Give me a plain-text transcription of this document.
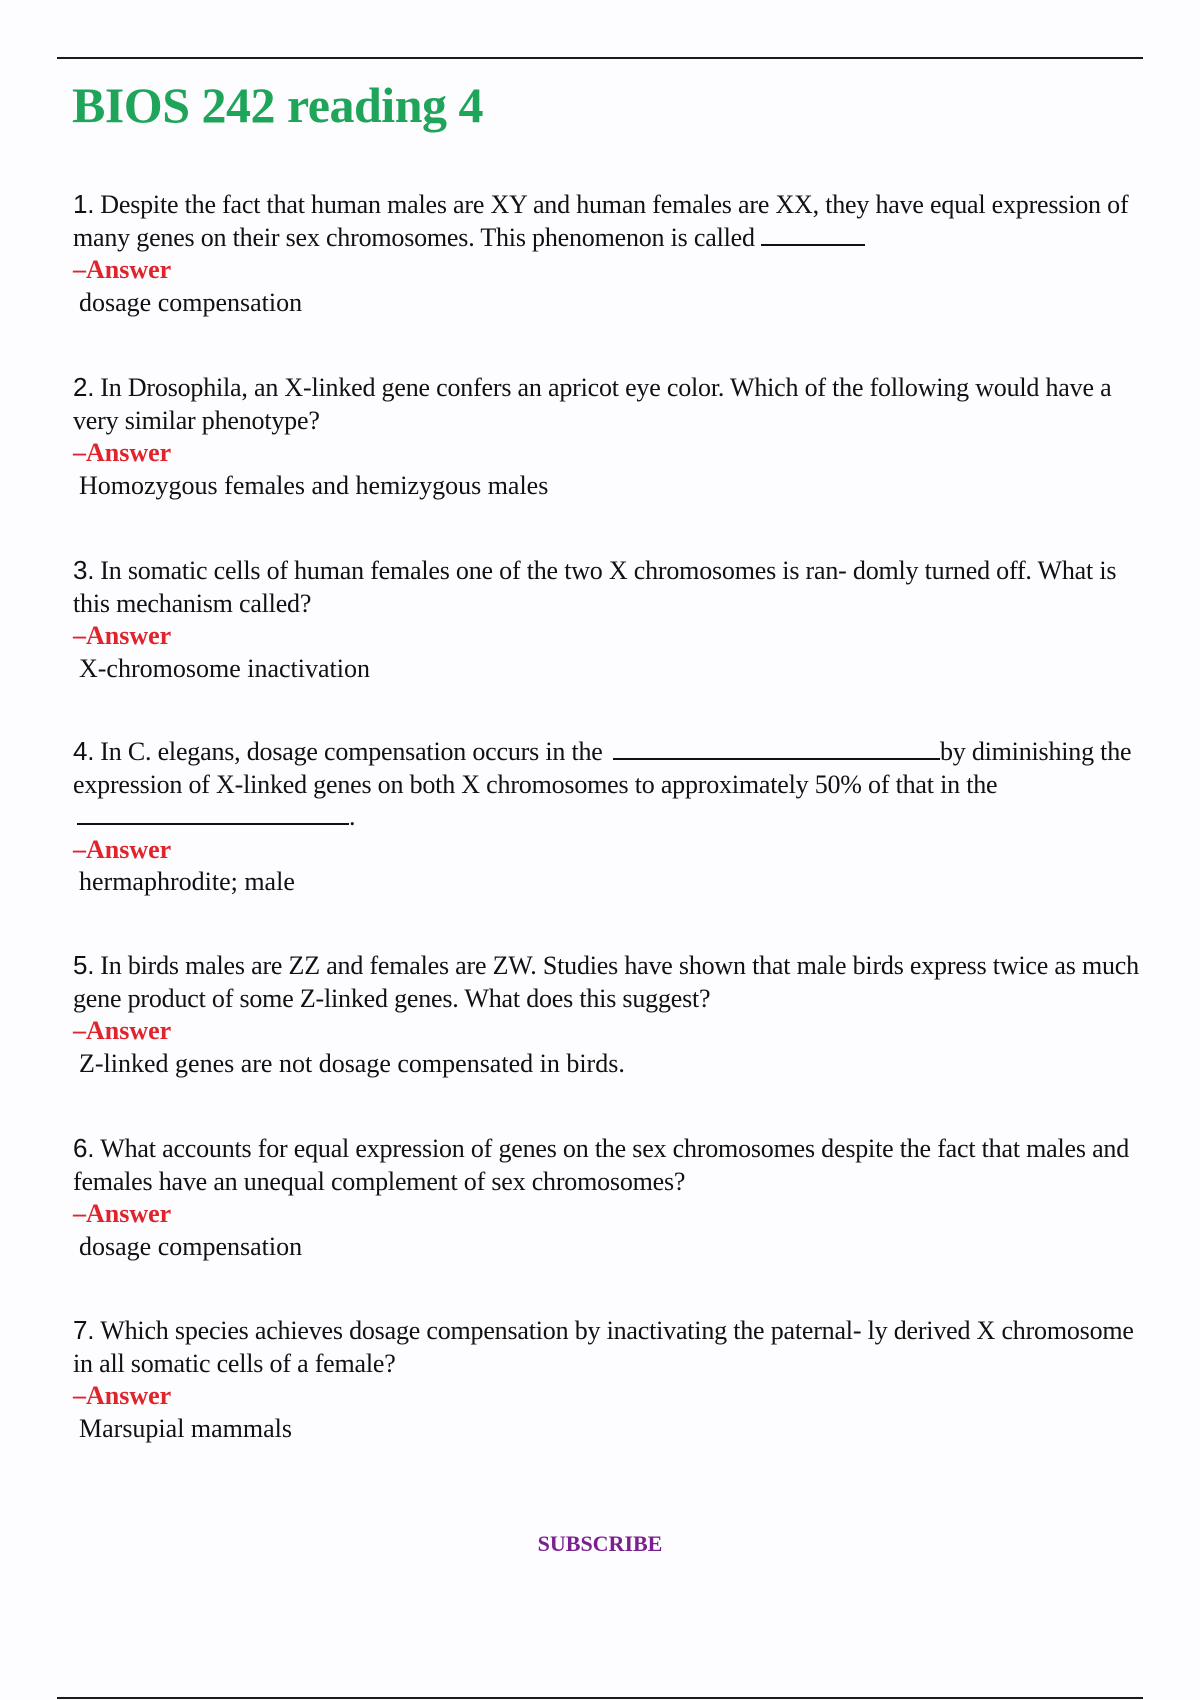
BIOS 242 reading 4

1. Despite the fact that human males are XY and human females are XX, they have equal expression of many genes on their sex chromosomes. This phenomenon is called

–Answer

dosage compensation

2. In Drosophila, an X-linked gene confers an apricot eye color. Which of the following would have a very similar phenotype?

–Answer

Homozygous females and hemizygous males

3. In somatic cells of human females one of the two X chromosomes is ran- domly turned off. What is this mechanism called?

–Answer

X-chromosome inactivation

4. In C. elegans, dosage compensation occurs in the	by diminishing the expression of X-linked genes on both X chromosomes to approximately 50% of that in the .

–Answer

hermaphrodite; male

5. In birds males are ZZ and females are ZW. Studies have shown that male birds express twice as much gene product of some Z-linked genes. What does this suggest?

–Answer

Z-linked genes are not dosage compensated in birds.

6. What accounts for equal expression of genes on the sex chromosomes despite the fact that males and females have an unequal complement of sex chromosomes?

–Answer

dosage compensation

7. Which species achieves dosage compensation by inactivating the paternal- ly derived X chromosome in all somatic cells of a female?

–Answer

Marsupial mammals

SUBSCRIBE
